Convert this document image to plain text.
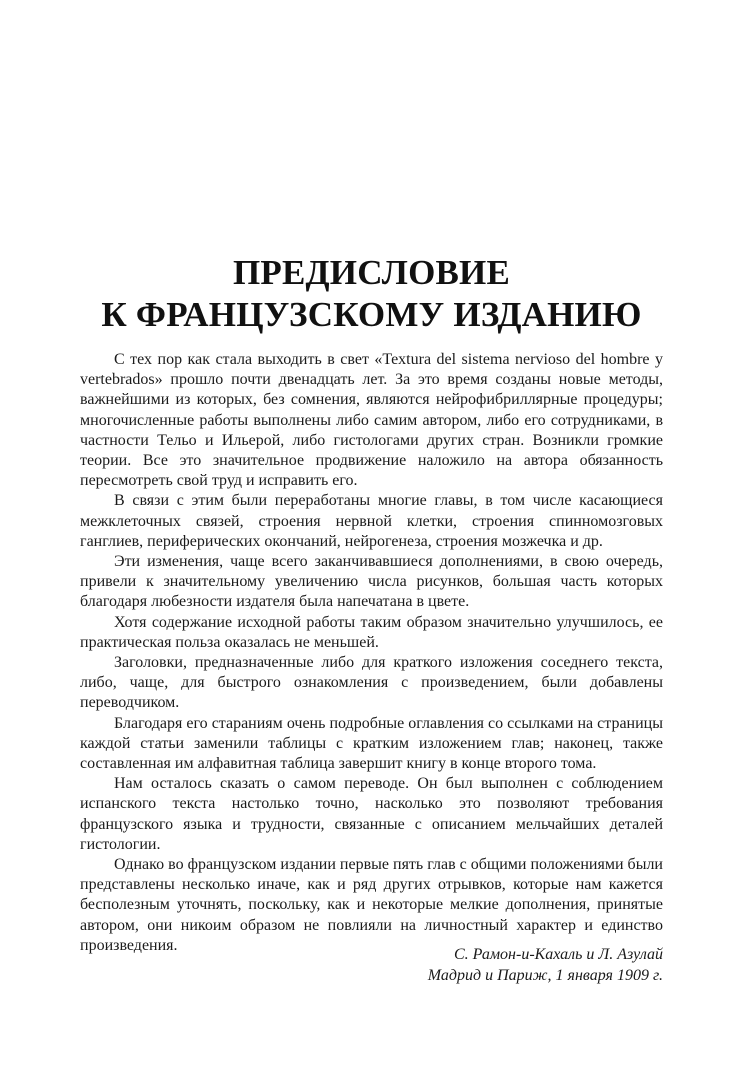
ПРЕДИСЛОВИЕ
К ФРАНЦУЗСКОМУ ИЗДАНИЮ

С тех пор как стала выходить в свет «Textura del sistema nervioso del hombre y vertebrados» прошло почти двенадцать лет. За это время созданы новые методы, важнейшими из которых, без сомнения, являются нейрофибриллярные процедуры; многочисленные работы выполнены либо самим автором, либо его сотрудниками, в частности Тельо и Ильерой, либо гистологами других стран. Возникли громкие теории. Все это значительное продвижение наложило на автора обязанность пересмотреть свой труд и исправить его.

В связи с этим были переработаны многие главы, в том числе касающиеся межклеточных связей, строения нервной клетки, строения спинномозговых ганглиев, периферических окончаний, нейрогенеза, строения мозжечка и др.

Эти изменения, чаще всего заканчивавшиеся дополнениями, в свою очередь, привели к значительному увеличению числа рисунков, большая часть которых благодаря любезности издателя была напечатана в цвете.

Хотя содержание исходной работы таким образом значительно улучшилось, ее практическая польза оказалась не меньшей.

Заголовки, предназначенные либо для краткого изложения соседнего текста, либо, чаще, для быстрого ознакомления с произведением, были добавлены переводчиком.

Благодаря его стараниям очень подробные оглавления со ссылками на страницы каждой статьи заменили таблицы с кратким изложением глав; наконец, также составленная им алфавитная таблица завершит книгу в конце второго тома.

Нам осталось сказать о самом переводе. Он был выполнен с соблюдением испанского текста настолько точно, насколько это позволяют требования французского языка и трудности, связанные с описанием мельчайших деталей гистологии.

Однако во французском издании первые пять глав с общими положениями были представлены несколько иначе, как и ряд других отрывков, которые нам кажется бесполезным уточнять, поскольку, как и некоторые мелкие дополнения, принятые автором, они никоим образом не повлияли на личностный характер и единство произведения.

С. Рамон-и-Кахаль и Л. Азулай
Мадрид и Париж, 1 января 1909 г.
